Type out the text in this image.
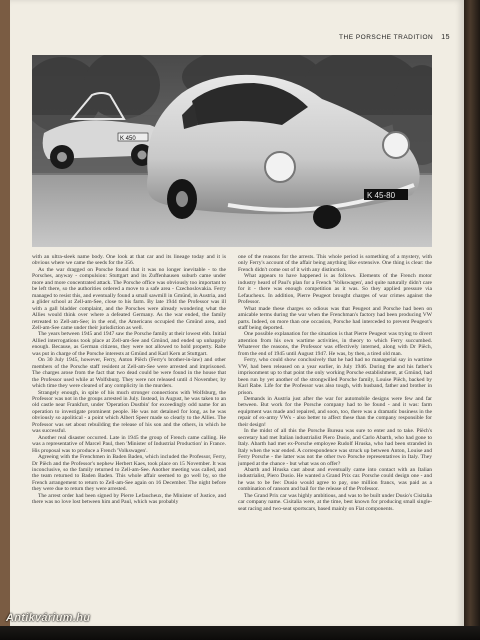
THE PORSCHE TRADITION 15
K 450
K 45-80

with an ultra-sleek name body. One look at that car and its lineage today and it is obvious where we came the seeds for the 356.

As the war dragged on Porsche found that it was no longer inevitable - to the Porsches, anyway - compulsion: Stuttgart and its Zuffenhausen suburb came under more and more concentrated attack. The Porsche office was obviously too important to be left there, so the authorities ordered a move to a safe area - Czechoslovakia. Ferry managed to resist this, and eventually found a small sawmill in Gmünd, in Austria, and a glider school at Zell-am-See, close to his farm. By late 1944 the Professor was ill with a gall bladder complaint, and the Porsches were already wondering what the Allies would think over where a defeated Germany. As the war ended, the family retreated to Zell-am-See; in the end, the Americans occupied the Gmünd area, and Zell-am-See came under their jurisdiction as well.

The years between 1945 and 1947 saw the Porsche family at their lowest ebb. Initial Allied interrogations took place at Zell-am-See and Gmünd, and ended up unhappily enough. Because, as German citizens, they were not allowed to hold property. Rabe was put in charge of the Porsche interests at Gmünd and Karl Kern at Stuttgart.

On 30 July 1945, however, Ferry, Anton Piëch (Ferry's brother-in-law) and other members of the Porsche staff resident at Zell-am-See were arrested and imprisoned. The charges arose from the fact that two dead could be were found in the house that the Professor used while at Wolfsburg. They were not released until 4 November, by which time they were cleared of any complicity in the murders.

Strangely enough, in spite of his much stronger connections with Wolfsburg, the Professor was not in the groups arrested in July. Instead, in August, he was taken to an old castle near Frankfurt, under 'Operation Dustbin' for exceedingly odd name for an operation to investigate prominent people. He was not detained for long, as he was obviously so apolitical - a point which Albert Speer made so clearly to the Allies. The Professor was set about rebuilding the release of his son and the others, in which he was successful.

Another real disaster occurred. Late in 1945 the group of French came calling. He was a representative of Marcel Paul, then 'Minister of Industrial Production' in France. His proposal was to produce a French 'Volkswagen'.

Agreeing with the Frenchmen in Baden Baden, which included the Professor, Ferry, Dr Piëch and the Professor's nephew Herbert Kaes, took place on 15 November. It was inconclusive, so the family returned to Zell-am-See. Another meeting was called, and the team returned to Baden Baden. This whole affair seemed to go well by, so the French arrangement to return to Zell-am-See again on 16 December. The night before they were due to return they were arrested.

The arrest order had been signed by Pierre Lefaucheux, the Minister of Justice, and there was no love lost between him and Paul, which was probably

one of the reasons for the arrests. This whole period is something of a mystery, with only Ferry's account of the affair being anything like extensive. One thing is clear: the French didn't come out of it with any distinction.

What appears to have happened is as follows. Elements of the French motor industry heard of Paul's plan for a French 'Volkswagen', and quite naturally didn't care for it - there was enough competition as it was. So they applied pressure via Lefaucheux. In addition, Pierre Peugeot brought charges of war crimes against the Professor.

What made these charges so odious was that Peugeot and Porsche had been on amicable terms during the war when the Frenchman's factory had been producing VW parts. Indeed, on more than one occasion, Porsche had interceded to prevent Peugeot's staff being deported.

One possible explanation for the situation is that Pierre Peugeot was trying to divert attention from his own wartime activities, in theory to which Ferry succumbed. Whatever the reasons, the Professor was effectively interned, along with Dr Piëch, from the end of 1945 until August 1947. He was, by then, a tired old man.

Ferry, who could show conclusively that he had had no managerial say in wartime VW, had been released on a year earlier, in July 1946. During the and his father's imprisonment up to that point the only working Porsche establishment, at Gmünd, had been run by yet another of the strongwilled Porsche family, Louise Piëch, backed by Karl Rabe. Life for the Professor was also tough, with husband, father and brother in prison.

Demands in Austria just after the war for automobile designs were few and far between. But work for the Porsche company had to be found - and it was: farm equipment was made and repaired, and soon, too, there was a dramatic business in the repair of ex-army VWs - also better to affect these than the company responsible for their design!

In the midst of all this the Porsche Bureau was sure to enter and to take. Piëch's secretary had met Italian industrialist Piero Dusio, and Carlo Abarth, who had gone to Italy. Abarth had met ex-Porsche employee Rudolf Hruska, who had been stranded in Italy when the war ended. A correspondence was struck up between Anton, Louise and Ferry Porsche - the latter was not the other two Porsche representatives in Italy. They jumped at the chance - but what was on offer?

Abarth and Hruska cast about and eventually came into contact with an Italian industrialist, Piero Dusio. He wanted a Grand Prix car. Porsche could design one - and he was to be fee: Dusio would agree to pay, one million francs, was paid as a combination of ransom and bail for the release of the Professor.

The Grand Prix car was highly ambitious, and was to be built under Dusio's Cisitalia car company name. Cisitalia were, at the time, best known for producing small single-seat racing and two-seat sportscars, based mainly on Fiat components.

Antikvárium.hu
